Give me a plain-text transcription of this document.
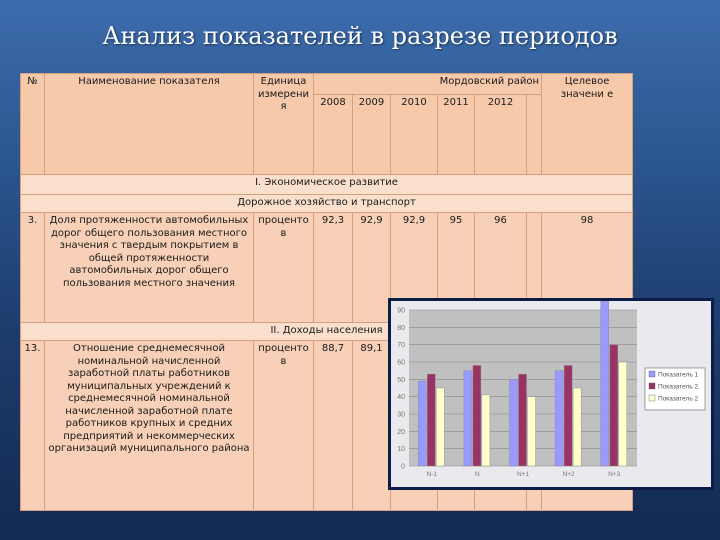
Анализ показателей в разрезе периодов
№	Наименование показателя	Единица измерени я	Мордовский район						Целевое значени е
			2008	2009	2010	2011	2012		
I. Экономическое развитие									
Дорожное хозяйство и транспорт									
3.	Доля протяженности автомобильных дорог общего пользования местного значения с твердым покрытием в общей протяженности автомобильных дорог общего пользования местного значения	проценто в	92,3	92,9	92,9	95	96		98
II. Доходы населения									
13.	Отношение среднемесячной номинальной начисленной заработной платы работников муниципальных учреждений к среднемесячной номинальной начисленной заработной плате работников крупных и средних предприятий и некоммерческих организаций муниципального района	проценто в	88,7	89,1					
0
10
20
30
40
50
60
70
80
90
N-1	N	N+1	N+2	N+3
Показатель 1
Показатель 2
Показатель 2
